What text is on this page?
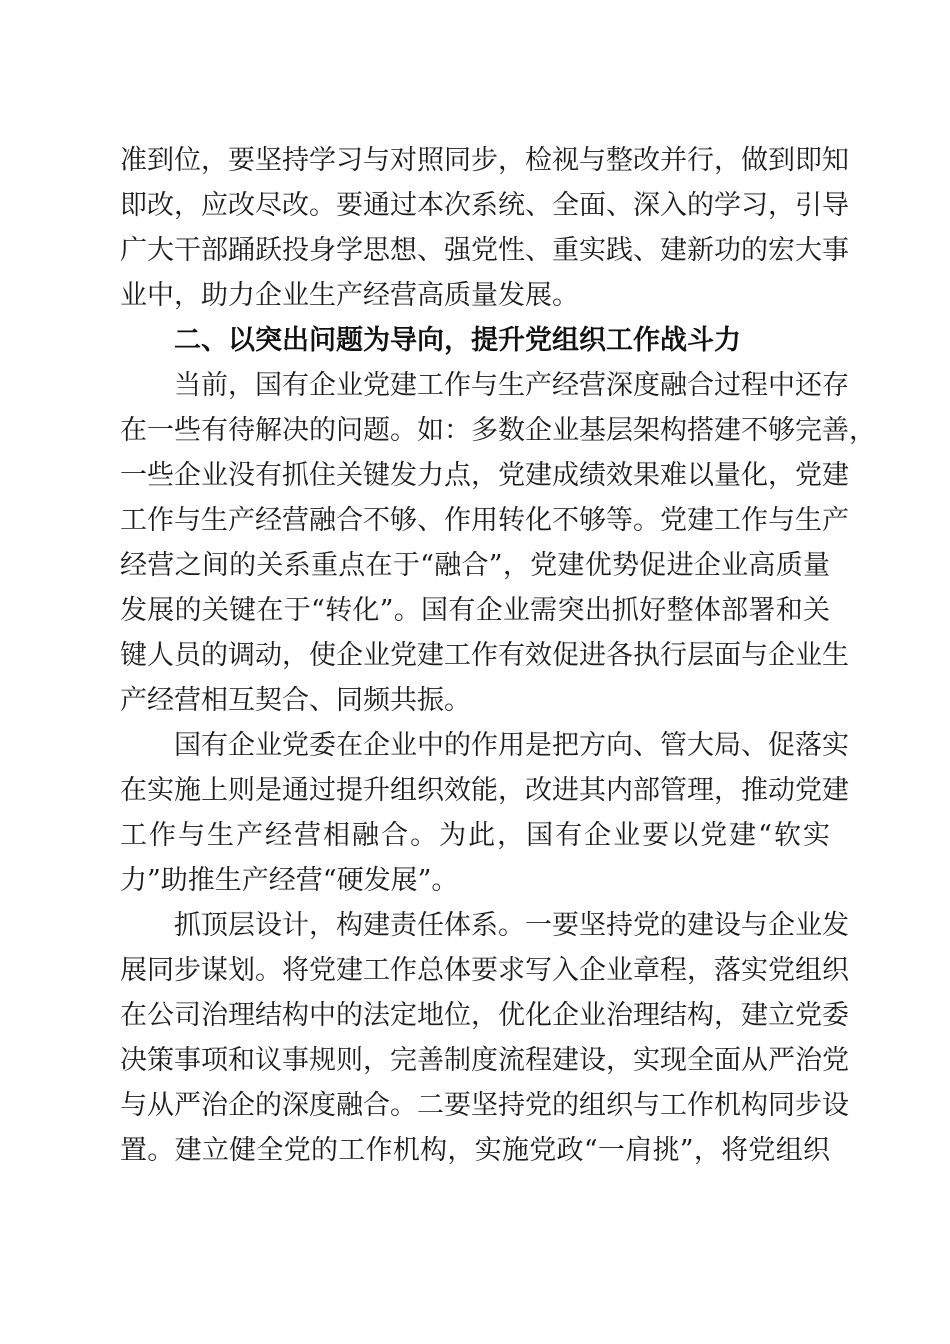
准到位，要坚持学习与对照同步，检视与整改并行，做到即知
即改，应改尽改。要通过本次系统、全面、深入的学习，引导
广大干部踊跃投身学思想、强党性、重实践、建新功的宏大事
业中，助力企业生产经营高质量发展。
二、以突出问题为导向，提升党组织工作战斗力
当前，国有企业党建工作与生产经营深度融合过程中还存
在一些有待解决的问题。如：多数企业基层架构搭建不够完善，
一些企业没有抓住关键发力点，党建成绩效果难以量化，党建
工作与生产经营融合不够、作用转化不够等。党建工作与生产
经营之间的关系重点在于“融合”，党建优势促进企业高质量
发展的关键在于“转化”。国有企业需突出抓好整体部署和关
键人员的调动，使企业党建工作有效促进各执行层面与企业生
产经营相互契合、同频共振。
国有企业党委在企业中的作用是把方向、管大局、促落实
在实施上则是通过提升组织效能，改进其内部管理，推动党建
工作与生产经营相融合。为此，国有企业要以党建“软实
力”助推生产经营“硬发展”。
抓顶层设计，构建责任体系。一要坚持党的建设与企业发
展同步谋划。将党建工作总体要求写入企业章程，落实党组织
在公司治理结构中的法定地位，优化企业治理结构，建立党委
决策事项和议事规则，完善制度流程建设，实现全面从严治党
与从严治企的深度融合。二要坚持党的组织与工作机构同步设
置。建立健全党的工作机构，实施党政“一肩挑”，将党组织
